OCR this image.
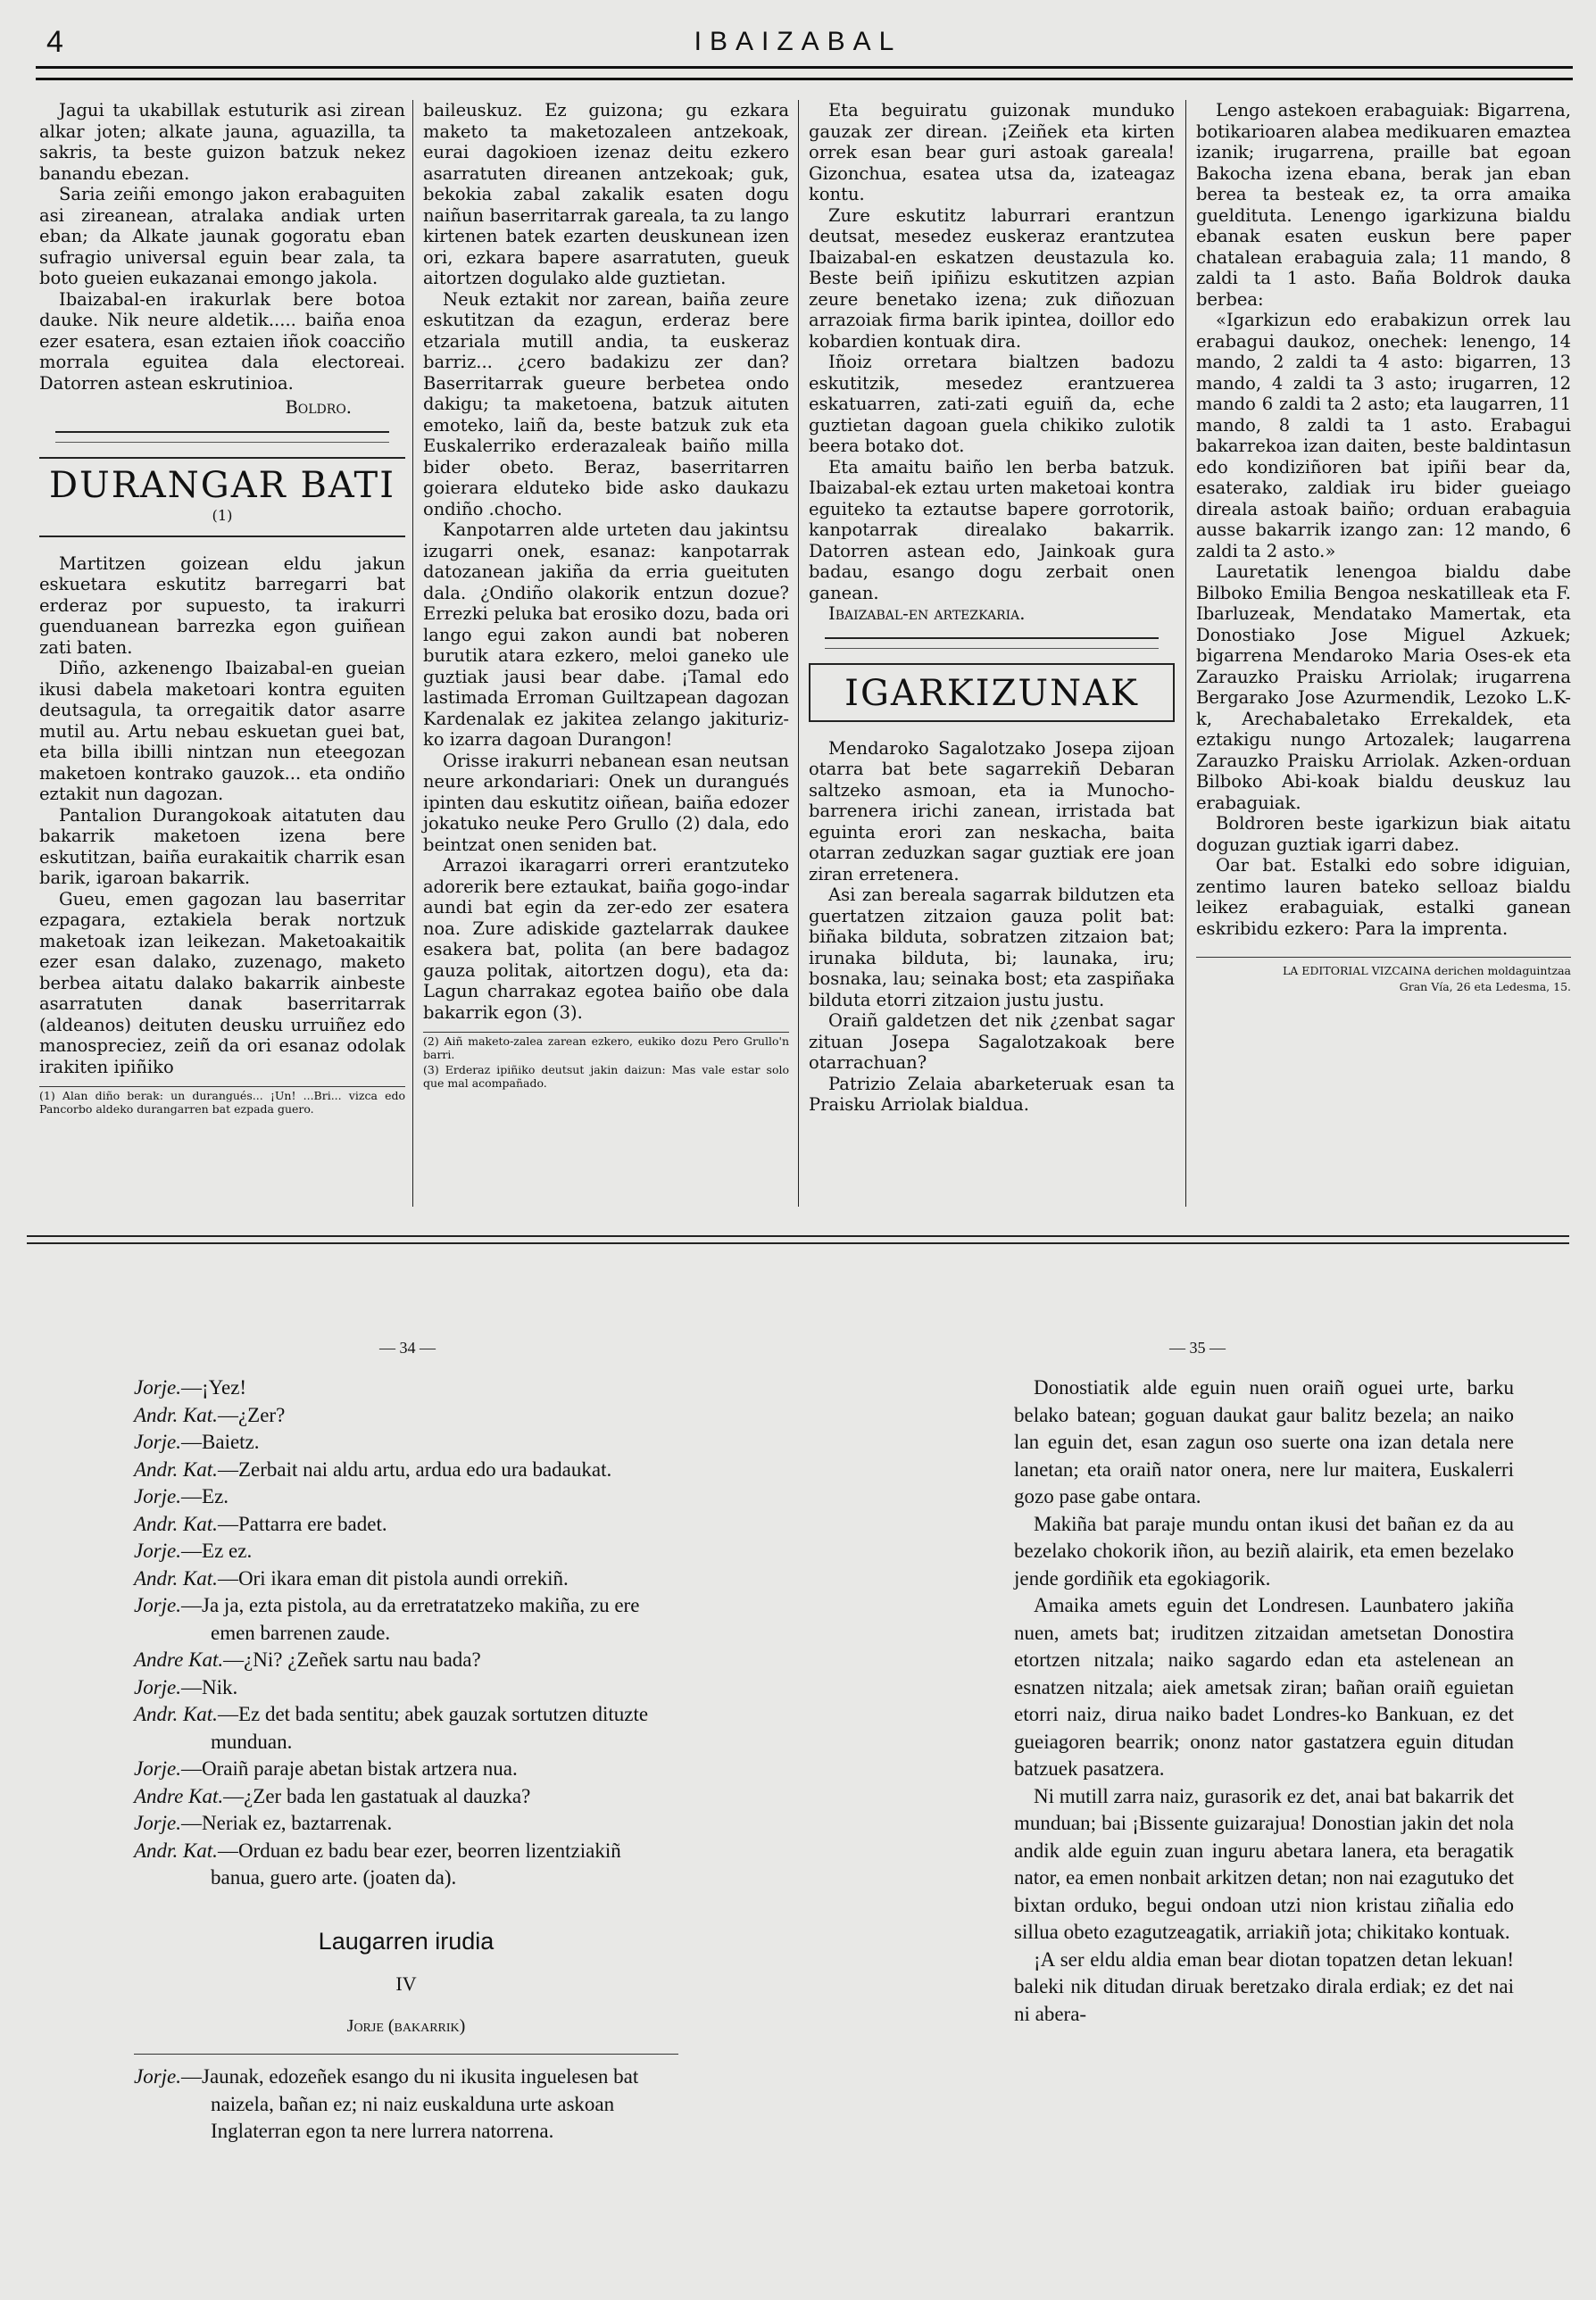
4	IBAIZABAL

Jagui ta ukabillak estuturik asi zirean alkar joten; alkate jauna, aguazilla, ta sakris, ta beste guizon batzuk nekez banandu ebezan.

Saria zeiñi emongo jakon erabaguiten asi zireanean, atralaka andiak urten eban; da Alkate jaunak gogoratu eban sufragio universal eguin bear zala, ta boto gueien eukazanai emongo jakola.

Ibaizabal-en irakurlak bere botoa dauke. Nik neure aldetik..... baiña enoa ezer esatera, esan eztaien iñok coacciño morrala eguitea dala electoreai. Datorren astean eskrutinioa.

Boldro.
DURANGAR BATI $^{(1)}$

Martitzen goizean eldu jakun eskuetara eskutitz barregarri bat erderaz por supuesto, ta irakurri guenduanean barrezka egon guiñean zati baten.

Diño, azkenengo Ibaizabal-en gueian ikusi dabela maketoari kontra eguiten deutsagula, ta orregaitik dator asarre mutil au. Artu nebau eskuetan guei bat, eta billa ibilli nintzan nun eteegozan maketoen kontrako gauzok... eta ondiño eztakit nun dagozan.

Pantalion Durangokoak aitatuten dau bakarrik maketoen izena bere eskutitzan, baiña eurakaitik charrik esan barik, igaroan bakarrik.

Gueu, emen gagozan lau baserritar ezpagara, eztakiela berak nortzuk maketoak izan leikezan. Maketoakaitik ezer esan dalako, zuzenago, maketo berbea aitatu dalako bakarrik ainbeste asarratuten danak baserritarrak (aldeanos) deituten deusku urruiñez edo manospreciez, zeiñ da ori esanaz odolak irakiten ipiñiko

(1) Alan diño berak: un durangués... ¡Un! ...Bri... vizca edo Pancorbo aldeko durangarren bat ezpada guero.

baileuskuz. Ez guizona; gu ezkara maketo ta maketozaleen antzekoak, eurai dagokioen izenaz deitu ezkero asarratuten direanen antzekoak; guk, bekokia zabal zakalik esaten dogu naiñun baserritarrak gareala, ta zu lango kirtenen batek ezarten deuskunean izen ori, ezkara bapere asarratuten, gueuk aitortzen dogulako alde guztietan.

Neuk eztakit nor zarean, baiña zeure eskutitzan da ezagun, erderaz bere etzariala mutill andia, ta euskeraz barriz... ¿cero badakizu zer dan? Baserritarrak gueure berbetea ondo dakigu; ta maketoena, batzuk aituten emoteko, laiñ da, beste batzuk zuk eta Euskalerriko erderazaleak baiño milla bider obeto. Beraz, baserritarren goierara elduteko bide asko daukazu ondiño .chocho.

Kanpotarren alde urteten dau jakintsu izugarri onek, esanaz: kanpotarrak datozanean jakiña da erria gueituten dala. ¿Ondiño olakorik entzun dozue? Errezki peluka bat erosiko dozu, bada ori lango egui zakon aundi bat noberen burutik atara ezkero, meloi ganeko ule guztiak jausi bear dabe. ¡Tamal edo lastimada Erroman Guiltzapean dagozan Kardenalak ez jakitea zelango jakituriz-ko izarra dagoan Durangon!

Orisse irakurri nebanean esan neutsan neure arkondariari: Onek un durangués ipinten dau eskutitz oiñean, baiña edozer jokatuko neuke Pero Grullo (2) dala, edo beintzat onen seniden bat.

Arrazoi ikaragarri orreri erantzuteko adorerik bere eztaukat, baiña gogo-indar aundi bat egin da zer-edo zer esatera noa. Zure adiskide gaztelarrak daukee esakera bat, polita (an bere badagoz gauza politak, aitortzen dogu), eta da: Lagun charrakaz egotea baiño obe dala bakarrik egon (3).

(2) Aiñ maketo-zalea zarean ezkero, eukiko dozu Pero Grullo'n barri.
(3) Erderaz ipiñiko deutsut jakin daizun: Mas vale estar solo que mal acompañado.

Eta beguiratu guizonak munduko gauzak zer direan. ¡Zeiñek eta kirten orrek esan bear guri astoak gareala! Gizonchua, esatea utsa da, izateagaz kontu.

Zure eskutitz laburrari erantzun deutsat, mesedez euskeraz erantzutea Ibaizabal-en eskatzen deustazula ko. Beste beiñ ipiñizu eskutitzen azpian zeure benetako izena; zuk diñozuan arrazoiak firma barik ipintea, doillor edo kobardien kontuak dira.

Iñoiz orretara bialtzen badozu eskutitzik, mesedez erantzuerea eskatuarren, zati-zati eguiñ da, eche guztietan dagoan guela chikiko zulotik beera botako dot.

Eta amaitu baiño len berba batzuk. Ibaizabal-ek eztau urten maketoai kontra eguiteko ta eztautse bapere gorrotorik, kanpotarrak direalako bakarrik. Datorren astean edo, Jainkoak gura badau, esango dogu zerbait onen ganean.

Ibaizabal-en artezkaria.

IGARKIZUNAK

Mendaroko Sagalotzako Josepa zijoan otarra bat bete sagarrekiñ Debaran saltzeko asmoan, eta ia Munocho-barrenera irichi zanean, irristada bat eguinta erori zan neskacha, baita otarran zeduzkan sagar guztiak ere joan ziran erretenera.

Asi zan bereala sagarrak bildutzen eta guertatzen zitzaion gauza polit bat: biñaka bilduta, sobratzen zitzaion bat; irunaka bilduta, bi; launaka, iru; bosnaka, lau; seinaka bost; eta zaspiñaka bilduta etorri zitzaion justu justu.

Oraiñ galdetzen det nik ¿zenbat sagar zituan Josepa Sagalotzakoak bere otarrachuan?

Patrizio Zelaia abarketeruak esan ta Praisku Arriolak bialdua.

Lengo astekoen erabaguiak: Bigarrena, botikarioaren alabea medikuaren emaztea izanik; irugarrena, praille bat egoan Bakocha izena ebana, berak jan eban berea ta besteak ez, ta orra amaika gueldituta. Lenengo igarkizuna bialdu ebanak esaten euskun bere paper chatalean erabaguia zala; 11 mando, 8 zaldi ta 1 asto. Baña Boldrok dauka berbea:

«Igarkizun edo erabakizun orrek lau erabagui daukoz, onechek: lenengo, 14 mando, 2 zaldi ta 4 asto: bigarren, 13 mando, 4 zaldi ta 3 asto; irugarren, 12 mando 6 zaldi ta 2 asto; eta laugarren, 11 mando, 8 zaldi ta 1 asto. Erabagui bakarrekoa izan daiten, beste baldintasun edo kondiziñoren bat ipiñi bear da, esaterako, zaldiak iru bider gueiago direala astoak baiño; orduan erabaguia ausse bakarrik izango zan: 12 mando, 6 zaldi ta 2 asto.»

Lauretatik lenengoa bialdu dabe Bilboko Emilia Bengoa neskatilleak eta F. Ibarluzeak, Mendatako Mamertak, eta Donostiako Jose Miguel Azkuek; bigarrena Mendaroko Maria Oses-ek eta Zarauzko Praisku Arriolak; irugarrena Bergarako Jose Azurmendik, Lezoko L.K-k, Arechabaletako Errekaldek, eta eztakigu nungo Artozalek; laugarrena Zarauzko Praisku Arriolak. Azken-orduan Bilboko Abi-koak bialdu deuskuz lau erabaguiak.

Boldroren beste igarkizun biak aitatu doguzan guztiak igarri dabez.

Oar bat. Estalki edo sobre idiguian, zentimo lauren bateko selloaz bialdu leikez erabaguiak, estalki ganean eskribidu ezkero: Para la imprenta.

LA EDITORIAL VIZCAINA derichen moldaguintzaa
Gran Vía, 26 eta Ledesma, 15.
— 34 —

Jorje.—¡Yez!

Andr. Kat.—¿Zer?

Jorje.—Baietz.

Andr. Kat.—Zerbait nai aldu artu, ardua edo ura badaukat.

Jorje.—Ez.

Andr. Kat.—Pattarra ere badet.

Jorje.—Ez ez.

Andr. Kat.—Ori ikara eman dit pistola aundi orrekiñ.

Jorje.—Ja ja, ezta pistola, au da erretratatzeko makiña, zu ere emen barrenen zaude.

Andre Kat.—¿Ni? ¿Zeñek sartu nau bada?

Jorje.—Nik.

Andr. Kat.—Ez det bada sentitu; abek gauzak sortutzen dituzte munduan.

Jorje.—Oraiñ paraje abetan bistak artzera nua.

Andre Kat.—¿Zer bada len gastatuak al dauzka?

Jorje.—Neriak ez, baztarrenak.

Andr. Kat.—Orduan ez badu bear ezer, beorren lizentziakiñ banua, guero arte. (joaten da).

Laugarren irudia
IV
Jorje (bakarrik)

Jorje.—Jaunak, edozeñek esango du ni ikusita inguelesen bat naizela, bañan ez; ni naiz euskalduna urte askoan Inglaterran egon ta nere lurrera natorrena.

— 35 —

Donostiatik alde eguin nuen oraiñ oguei urte, barku belako batean; goguan daukat gaur balitz bezela; an naiko lan eguin det, esan zagun oso suerte ona izan detala nere lanetan; eta oraiñ nator onera, nere lur maitera, Euskalerri gozo pase gabe ontara.

Makiña bat paraje mundu ontan ikusi det bañan ez da au bezelako chokorik iñon, au beziñ alairik, eta emen bezelako jende gordiñik eta egokiagorik.

Amaika amets eguin det Londresen. Launbatero jakiña nuen, amets bat; iruditzen zitzaidan ametsetan Donostira etortzen nitzala; naiko sagardo edan eta astelenean an esnatzen nitzala; aiek ametsak ziran; bañan oraiñ eguietan etorri naiz, dirua naiko badet Londres-ko Bankuan, ez det gueiagoren bearrik; ononz nator gastatzera eguin ditudan batzuek pasatzera.

Ni mutill zarra naiz, gurasorik ez det, anai bat bakarrik det munduan; bai ¡Bissente guizarajua! Donostian jakin det nola andik alde eguin zuan inguru abetara lanera, eta beragatik nator, ea emen nonbait arkitzen detan; non nai ezagutuko det bixtan orduko, begui ondoan utzi nion kristau ziñalia edo sillua obeto ezagutzeagatik, arriakiñ jota; chikitako kontuak.

¡A ser eldu aldia eman bear diotan topatzen detan lekuan! baleki nik ditudan diruak beretzako dirala erdiak; ez det nai ni abera-
